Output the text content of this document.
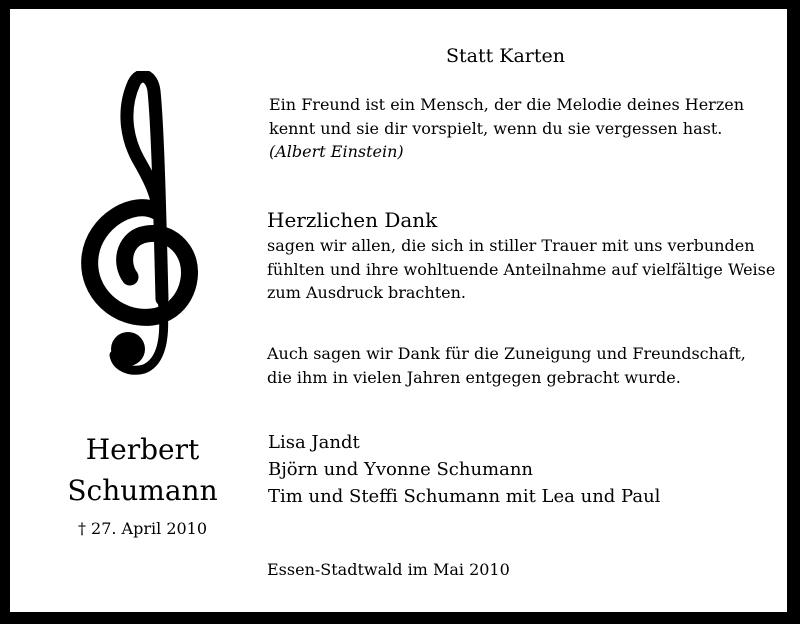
Statt Karten
Ein Freund ist ein Mensch, der die Melodie deines Herzen
kennt und sie dir vorspielt, wenn du sie vergessen hast.
(Albert Einstein)
Herzlichen Dank
sagen wir allen, die sich in stiller Trauer mit uns verbunden
fühlten und ihre wohltuende Anteilnahme auf vielfältige Weise
zum Ausdruck brachten.
Auch sagen wir Dank für die Zuneigung und Freundschaft,
die ihm in vielen Jahren entgegen gebracht wurde.
Lisa Jandt
Björn und Yvonne Schumann
Tim und Steffi Schumann mit Lea und Paul
Essen-Stadtwald im Mai 2010
Herbert
Schumann
† 27. April 2010
